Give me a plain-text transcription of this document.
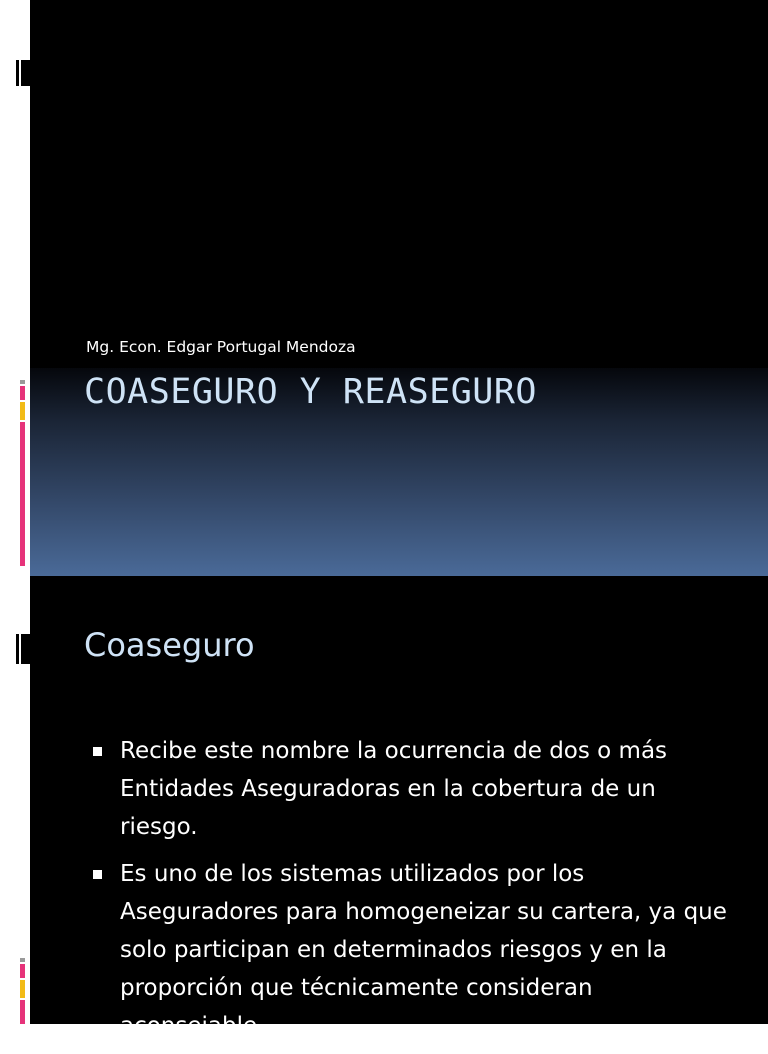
Mg. Econ. Edgar Portugal Mendoza
COASEGURO Y REASEGURO
Coaseguro
Recibe este nombre la ocurrencia de dos o más Entidades Aseguradoras en la cobertura de un riesgo.
Es uno de los sistemas utilizados por los Aseguradores para homogeneizar su cartera, ya que solo participan en determinados riesgos y en la proporción que técnicamente consideran aconsejable.
